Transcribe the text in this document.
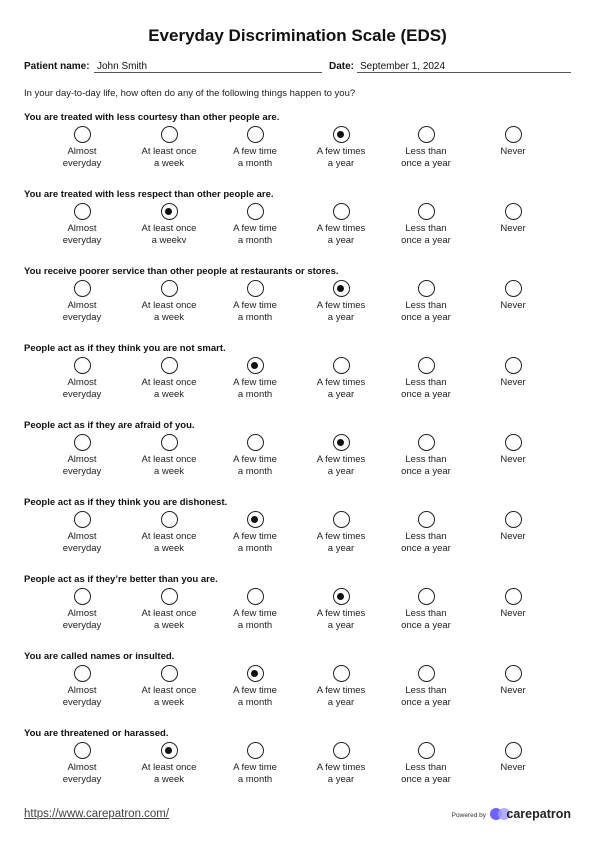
Everyday Discrimination Scale (EDS)
Patient name: John Smith	Date: September 1, 2024
In your day-to-day life, how often do any of the following things happen to you?
You are treated with less courtesy than other people are.
Almost
everyday
At least once
a week
A few time
a month
A few times
a year
Less than
once a year
Never
You are treated with less respect than other people are.
Almost
everyday
At least once
a weekv
A few time
a month
A few times
a year
Less than
once a year
Never
You receive poorer service than other people at restaurants or stores.
Almost
everyday
At least once
a week
A few time
a month
A few times
a year
Less than
once a year
Never
People act as if they think you are not smart.
Almost
everyday
At least once
a week
A few time
a month
A few times
a year
Less than
once a year
Never
People act as if they are afraid of you.
Almost
everyday
At least once
a week
A few time
a month
A few times
a year
Less than
once a year
Never
People act as if they think you are dishonest.
Almost
everyday
At least once
a week
A few time
a month
A few times
a year
Less than
once a year
Never
People act as if they’re better than you are.
Almost
everyday
At least once
a week
A few time
a month
A few times
a year
Less than
once a year
Never
You are called names or insulted.
Almost
everyday
At least once
a week
A few time
a month
A few times
a year
Less than
once a year
Never
You are threatened or harassed.
Almost
everyday
At least once
a week
A few time
a month
A few times
a year
Less than
once a year
Never
https://www.carepatron.com/	Powered by carepatron
